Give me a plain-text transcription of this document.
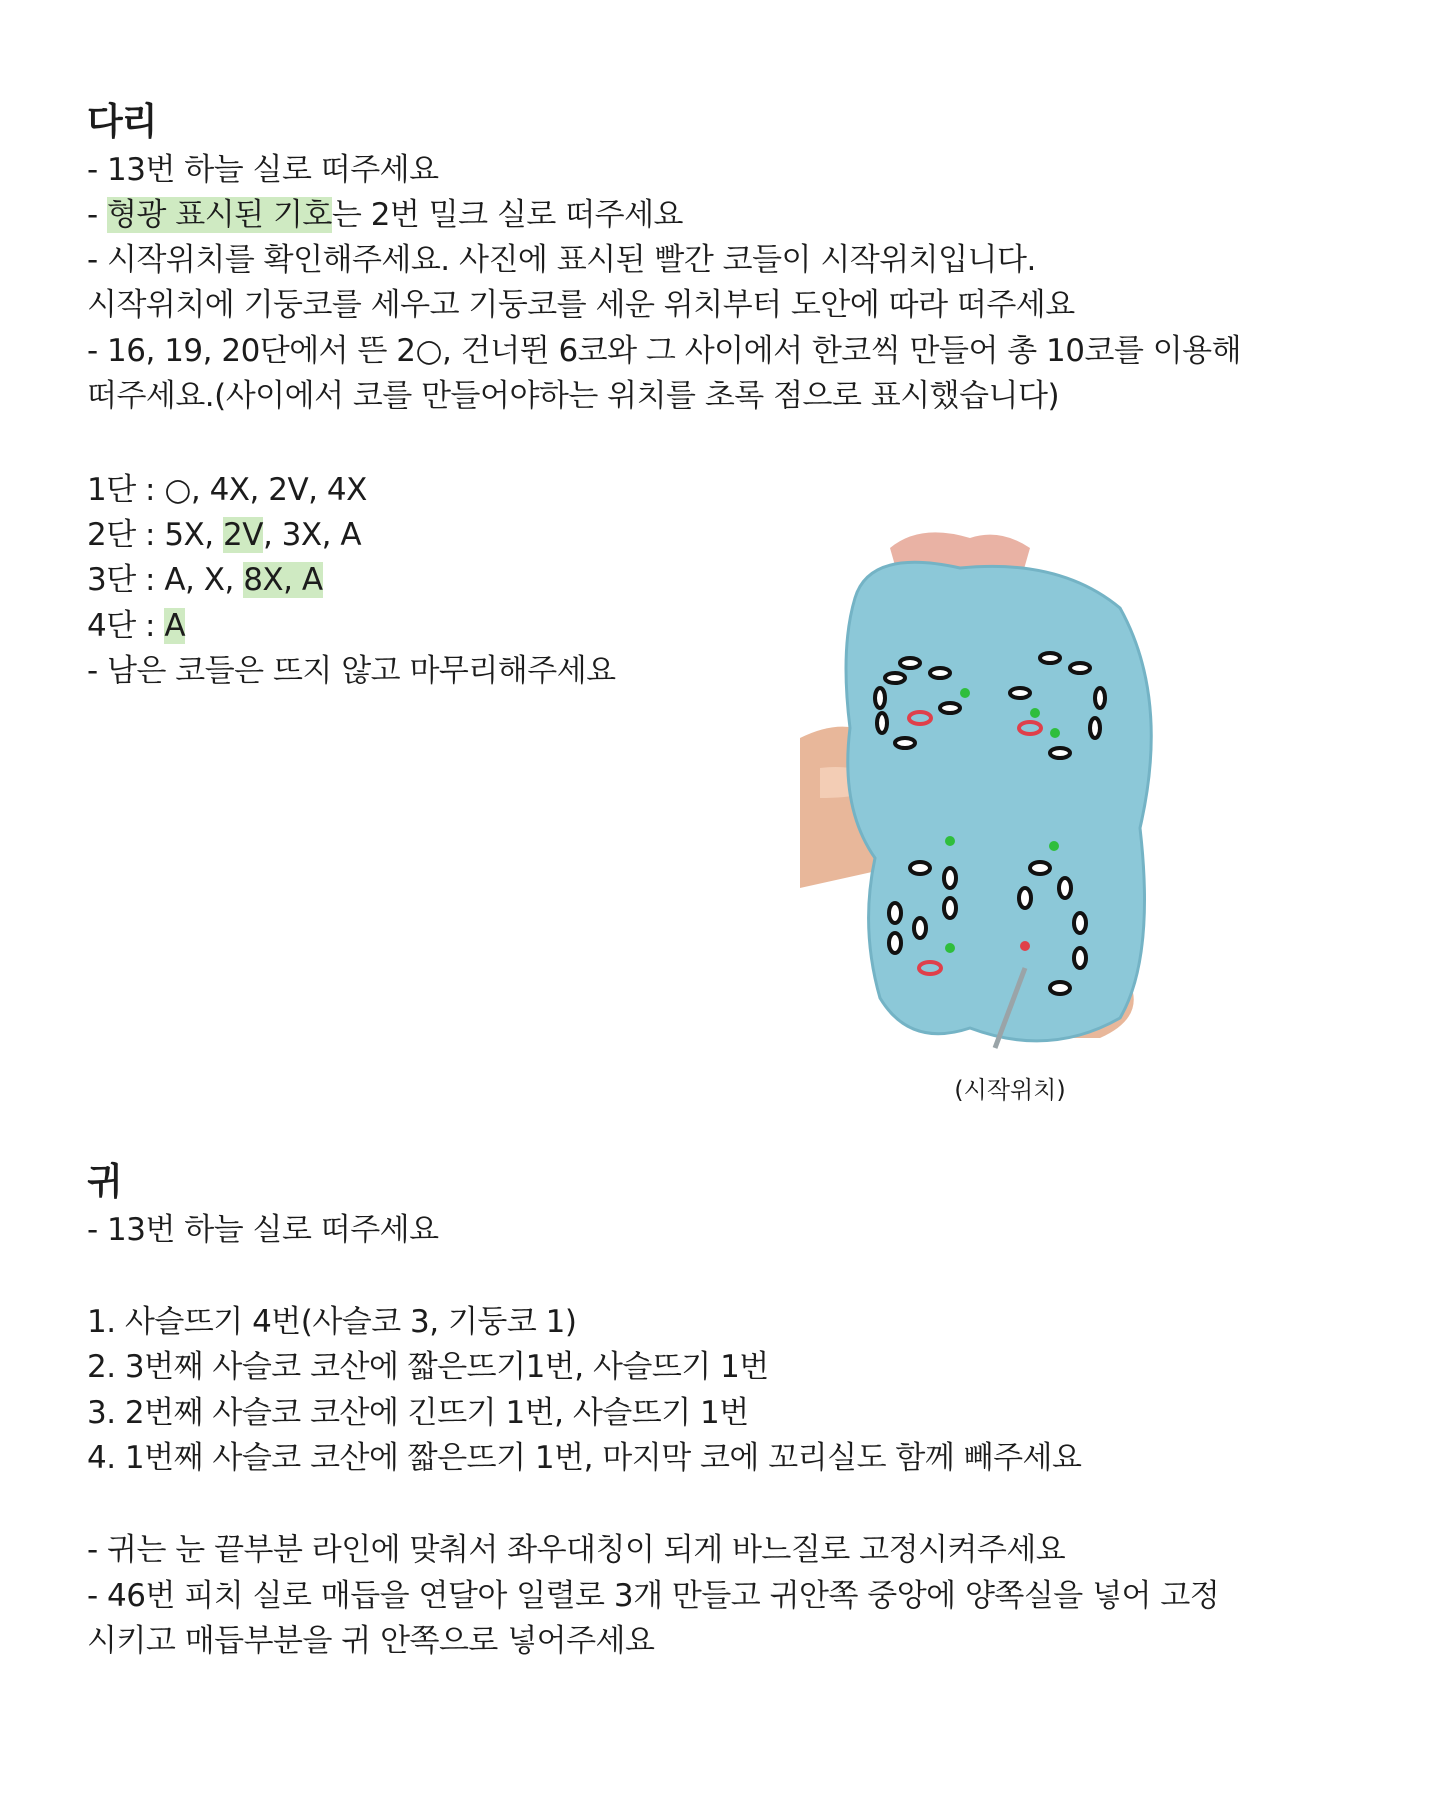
다리
- 13번 하늘 실로 떠주세요
- 형광 표시된 기호는 2번 밀크 실로 떠주세요
- 시작위치를 확인해주세요. 사진에 표시된 빨간 코들이 시작위치입니다.
시작위치에 기둥코를 세우고 기둥코를 세운 위치부터 도안에 따라 떠주세요
- 16, 19, 20단에서 뜬 2○, 건너뛴 6코와 그 사이에서 한코씩 만들어 총 10코를 이용해
떠주세요.(사이에서 코를 만들어야하는 위치를 초록 점으로 표시했습니다)
1단 : ○, 4X, 2V, 4X
2단 : 5X, 2V, 3X, A
3단 : A, X, 8X, A
4단 : A
- 남은 코들은 뜨지 않고 마무리해주세요
(시작위치)
귀
- 13번 하늘 실로 떠주세요
1. 사슬뜨기 4번(사슬코 3, 기둥코 1)
2. 3번째 사슬코 코산에 짧은뜨기1번, 사슬뜨기 1번
3. 2번째 사슬코 코산에 긴뜨기 1번, 사슬뜨기 1번
4. 1번째 사슬코 코산에 짧은뜨기 1번, 마지막 코에 꼬리실도 함께 빼주세요
- 귀는 눈 끝부분 라인에 맞춰서 좌우대칭이 되게 바느질로 고정시켜주세요
- 46번 피치 실로 매듭을 연달아 일렬로 3개 만들고 귀안쪽 중앙에 양쪽실을 넣어 고정
시키고 매듭부분을 귀 안쪽으로 넣어주세요
